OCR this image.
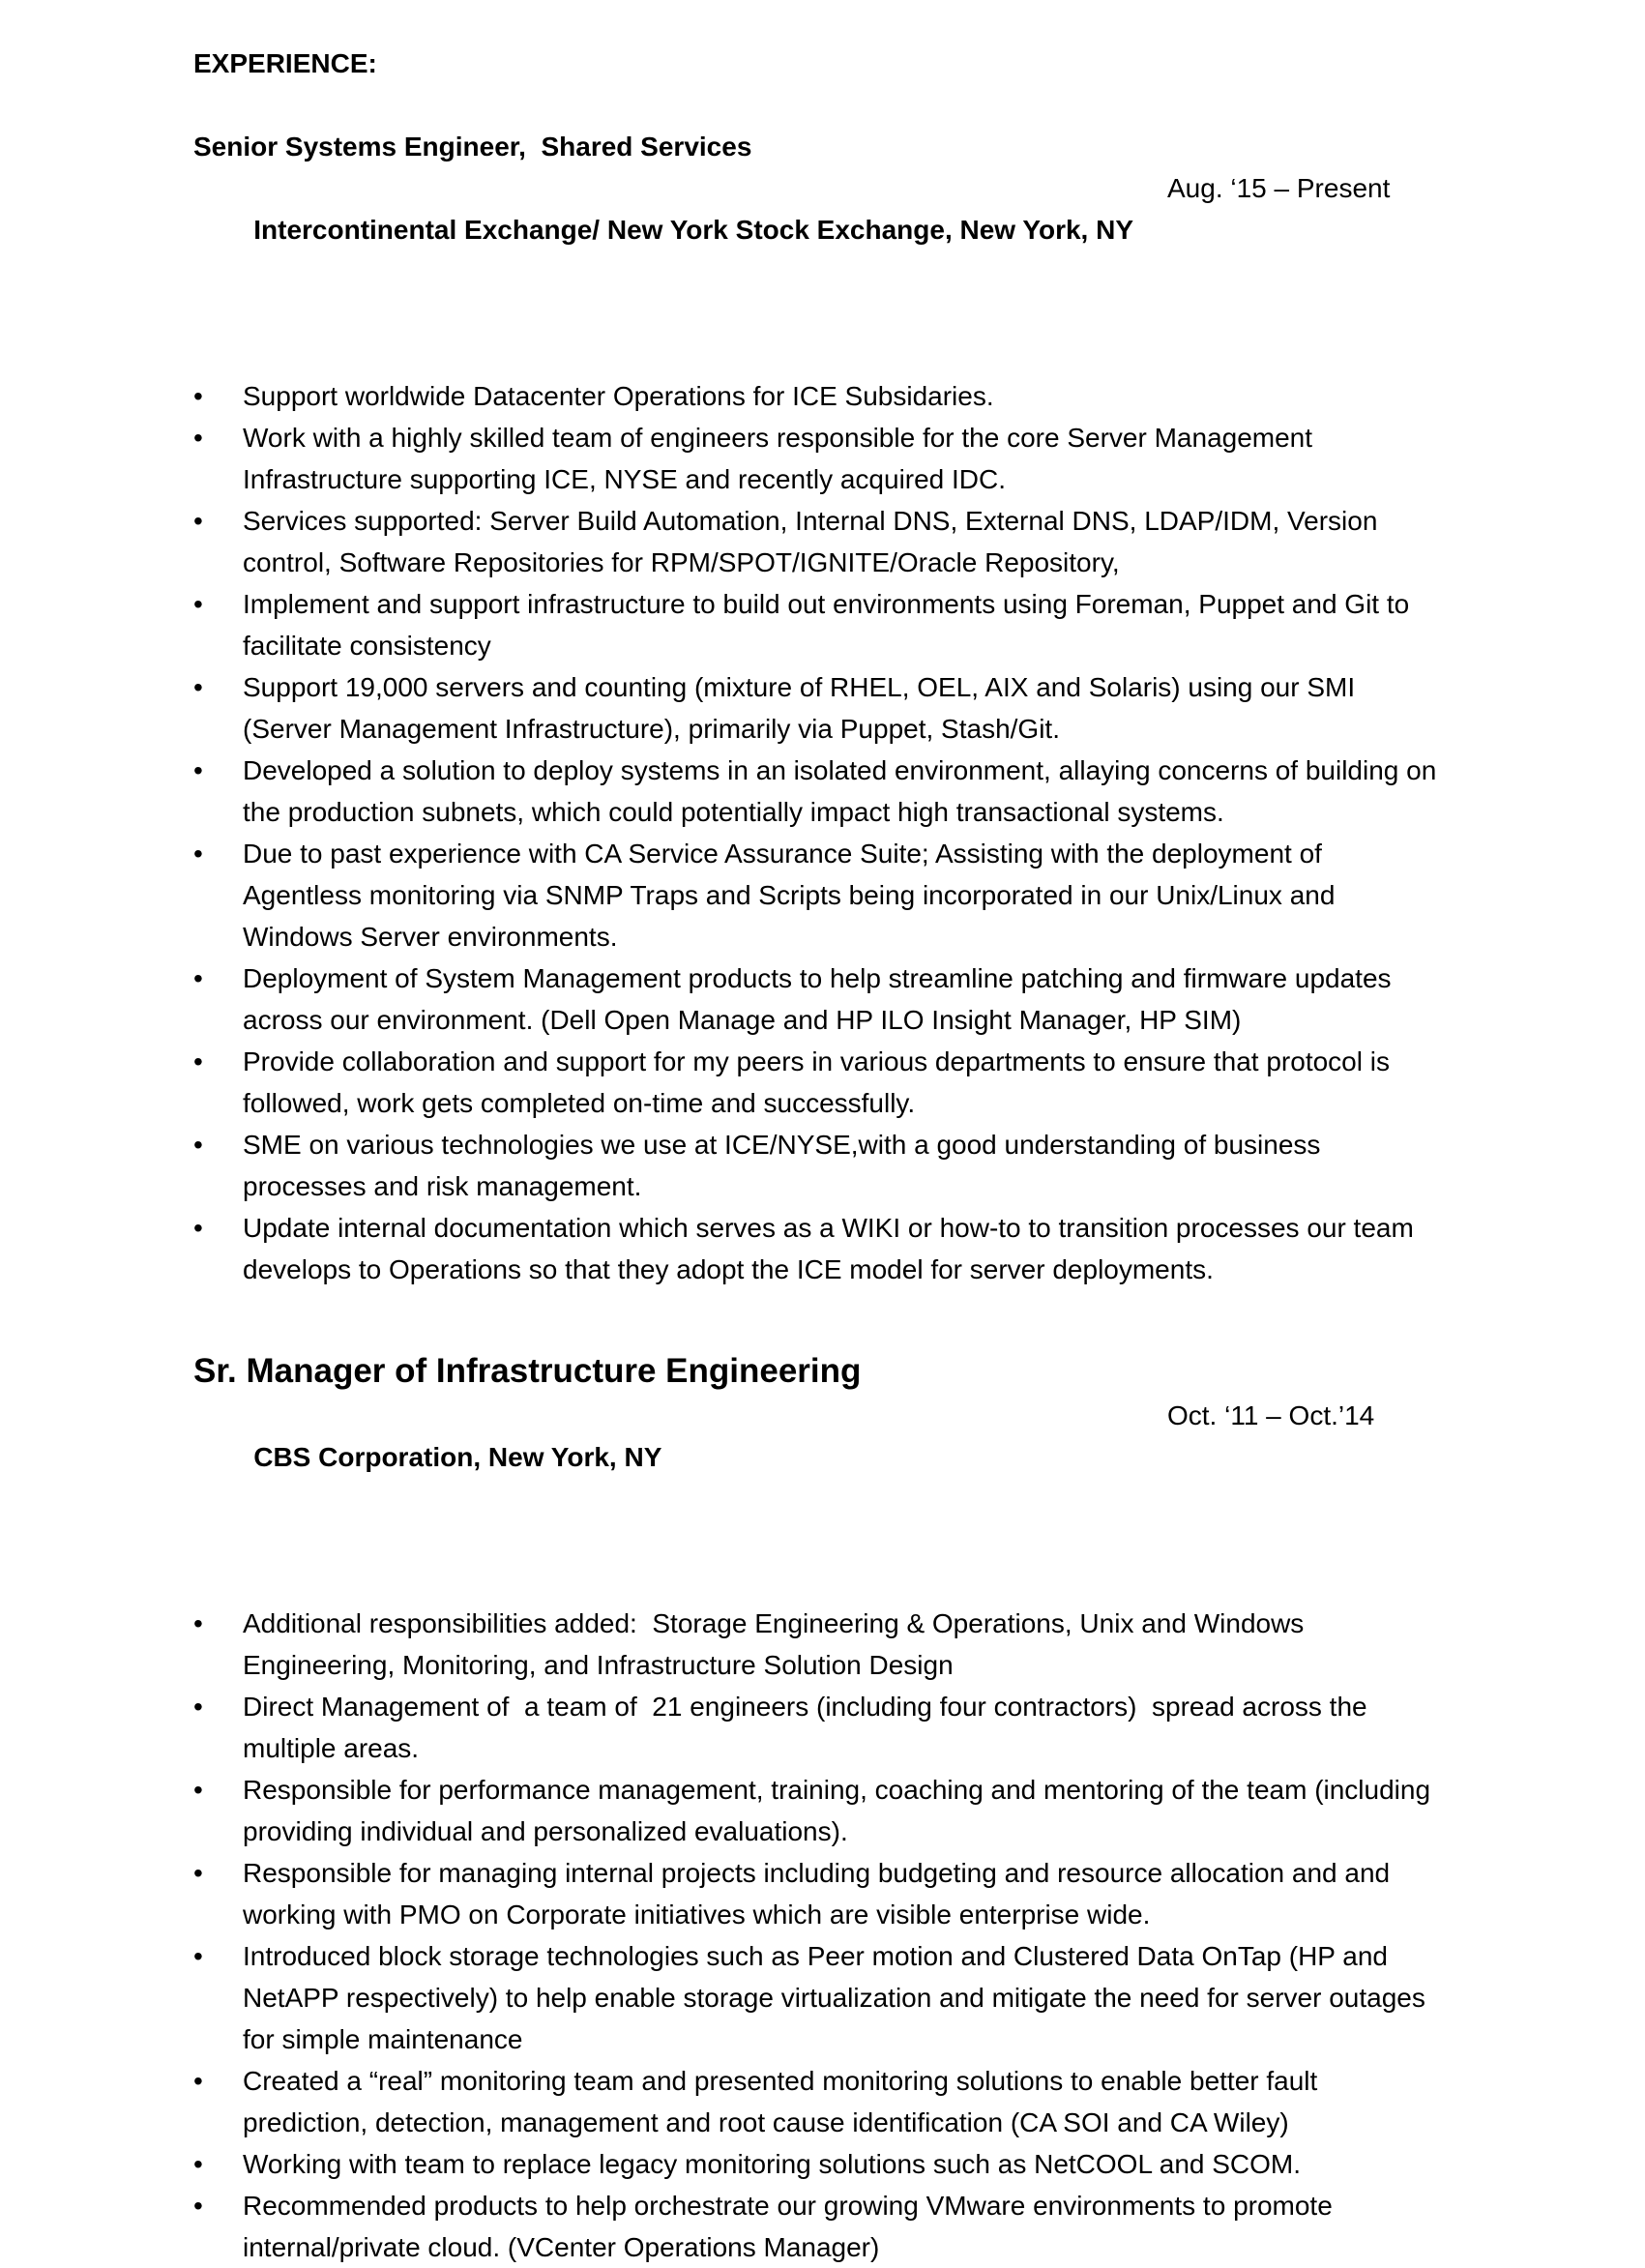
EXPERIENCE:
Senior Systems Engineer,  Shared Services

Intercontinental Exchange/ New York Stock Exchange, New York, NY

Aug. ‘15 – Present

•	Support worldwide Datacenter Operations for ICE Subsidaries.
•	Work with a highly skilled team of engineers responsible for the core Server Management Infrastructure supporting ICE, NYSE and recently acquired IDC.
•	Services supported: Server Build Automation, Internal DNS, External DNS, LDAP/IDM, Version control, Software Repositories for RPM/SPOT/IGNITE/Oracle Repository,
•	Implement and support infrastructure to build out environments using Foreman, Puppet and Git to facilitate consistency
•	Support 19,000 servers and counting (mixture of RHEL, OEL, AIX and Solaris) using our SMI (Server Management Infrastructure), primarily via Puppet, Stash/Git.
•	Developed a solution to deploy systems in an isolated environment, allaying concerns of building on the production subnets, which could potentially impact high transactional systems.
•	Due to past experience with CA Service Assurance Suite; Assisting with the deployment of Agentless monitoring via SNMP Traps and Scripts being incorporated in our Unix/Linux and Windows Server environments.
•	Deployment of System Management products to help streamline patching and firmware updates across our environment. (Dell Open Manage and HP ILO Insight Manager, HP SIM)
•	Provide collaboration and support for my peers in various departments to ensure that protocol is followed, work gets completed on-time and successfully.
•	SME on various technologies we use at ICE/NYSE,with a good understanding of business processes and risk management.
•	Update internal documentation which serves as a WIKI or how-to to transition processes our team develops to Operations so that they adopt the ICE model for server deployments.
Sr. Manager of Infrastructure Engineering

CBS Corporation, New York, NY

Oct. ‘11 – Oct.’14

•	Additional responsibilities added:  Storage Engineering & Operations, Unix and Windows Engineering, Monitoring, and Infrastructure Solution Design
•	Direct Management of  a team of  21 engineers (including four contractors)  spread across the multiple areas.
•	Responsible for performance management, training, coaching and mentoring of the team (including providing individual and personalized evaluations).
•	Responsible for managing internal projects including budgeting and resource allocation and and working with PMO on Corporate initiatives which are visible enterprise wide.
•	Introduced block storage technologies such as Peer motion and Clustered Data OnTap (HP and NetAPP respectively) to help enable storage virtualization and mitigate the need for server outages for simple maintenance
•	Created a “real” monitoring team and presented monitoring solutions to enable better fault prediction, detection, management and root cause identification (CA SOI and CA Wiley)
•	Working with team to replace legacy monitoring solutions such as NetCOOL and SCOM.
•	Recommended products to help orchestrate our growing VMware environments to promote internal/private cloud. (VCenter Operations Manager)
